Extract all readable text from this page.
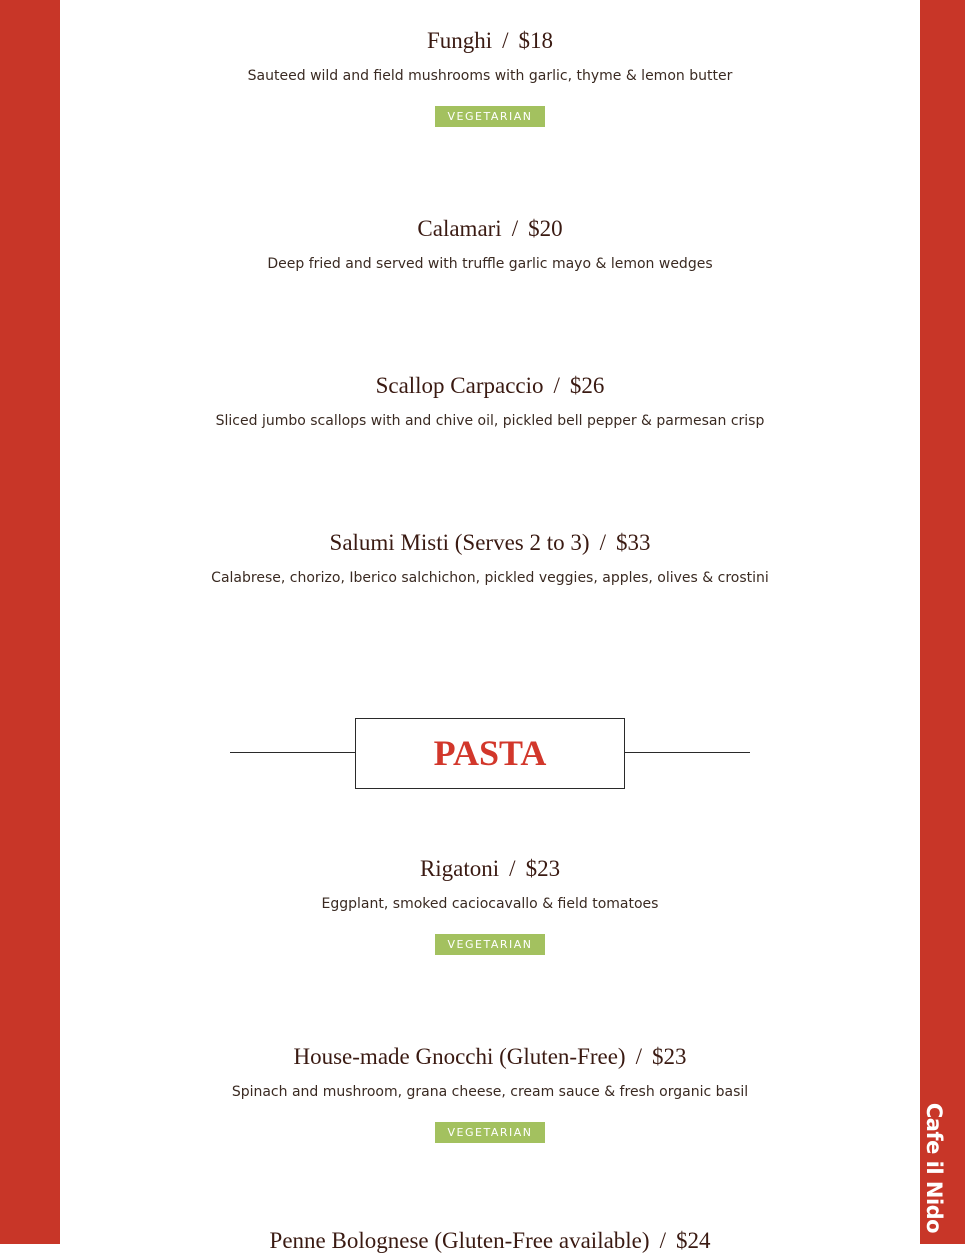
Cafe il Nido
Funghi / $18
Sauteed wild and field mushrooms with garlic, thyme & lemon butter
VEGETARIAN
Calamari / $20
Deep fried and served with truffle garlic mayo & lemon wedges
Scallop Carpaccio / $26
Sliced jumbo scallops with and chive oil, pickled bell pepper & parmesan crisp
Salumi Misti (Serves 2 to 3) / $33
Calabrese, chorizo, Iberico salchichon, pickled veggies, apples, olives & crostini
PASTA
Rigatoni / $23
Eggplant, smoked caciocavallo & field tomatoes
VEGETARIAN
House-made Gnocchi (Gluten-Free) / $23
Spinach and mushroom, grana cheese, cream sauce & fresh organic basil
VEGETARIAN
Penne Bolognese (Gluten-Free available) / $24
